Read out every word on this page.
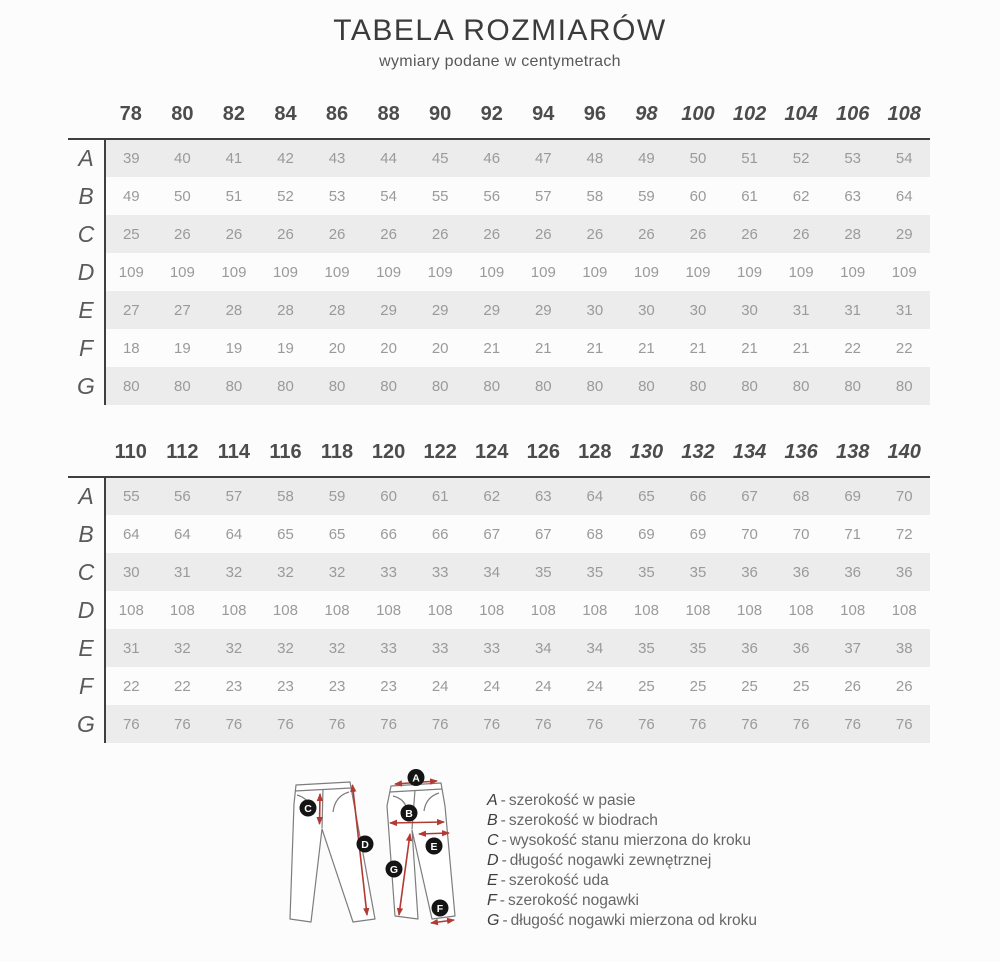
TABELA ROZMIARÓW
wymiary podane w centymetrach
	78	80	82	84	86	88	90	92	94	96	98	100	102	104	106	108
A	39	40	41	42	43	44	45	46	47	48	49	50	51	52	53	54
B	49	50	51	52	53	54	55	56	57	58	59	60	61	62	63	64
C	25	26	26	26	26	26	26	26	26	26	26	26	26	26	28	29
D	109	109	109	109	109	109	109	109	109	109	109	109	109	109	109	109
E	27	27	28	28	28	29	29	29	29	30	30	30	30	31	31	31
F	18	19	19	19	20	20	20	21	21	21	21	21	21	21	22	22
G	80	80	80	80	80	80	80	80	80	80	80	80	80	80	80	80
	110	112	114	116	118	120	122	124	126	128	130	132	134	136	138	140
A	55	56	57	58	59	60	61	62	63	64	65	66	67	68	69	70
B	64	64	64	65	65	66	66	67	67	68	69	69	70	70	71	72
C	30	31	32	32	32	33	33	34	35	35	35	35	36	36	36	36
D	108	108	108	108	108	108	108	108	108	108	108	108	108	108	108	108
E	31	32	32	32	32	33	33	33	34	34	35	35	36	36	37	38
F	22	22	23	23	23	23	24	24	24	24	25	25	25	25	26	26
G	76	76	76	76	76	76	76	76	76	76	76	76	76	76	76	76
C
D
A
B
E
G
F
A - szerokość w pasie
B - szerokość w biodrach
C - wysokość stanu mierzona do kroku
D - długość nogawki zewnętrznej
E - szerokość uda
F - szerokość nogawki
G - długość nogawki mierzona od kroku
